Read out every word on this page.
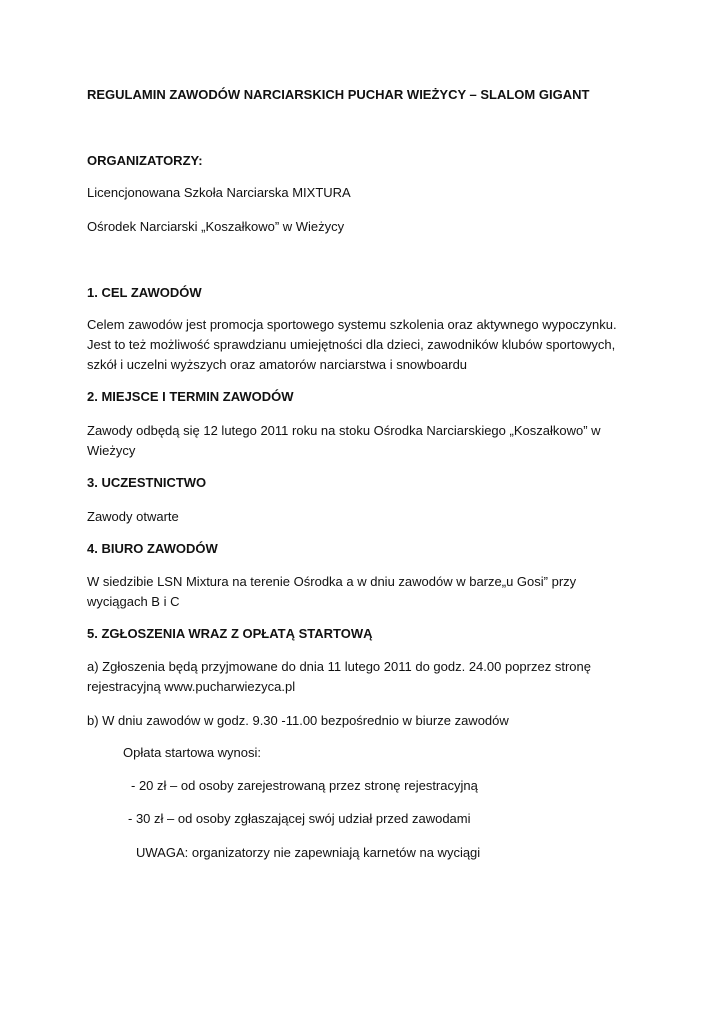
REGULAMIN ZAWODÓW NARCIARSKICH PUCHAR WIEŻYCY – SLALOM GIGANT
ORGANIZATORZY:
Licencjonowana Szkoła Narciarska MIXTURA
Ośrodek Narciarski „Koszałkowo” w Wieżycy
1. CEL ZAWODÓW
Celem zawodów jest promocja sportowego systemu szkolenia oraz aktywnego wypoczynku.
Jest to też możliwość sprawdzianu umiejętności dla dzieci, zawodników klubów sportowych,
szkół i uczelni wyższych oraz amatorów narciarstwa i snowboardu
2. MIEJSCE I TERMIN ZAWODÓW
Zawody odbędą się 12 lutego 2011 roku na stoku Ośrodka Narciarskiego „Koszałkowo” w
Wieżycy
3. UCZESTNICTWO
Zawody otwarte
4. BIURO ZAWODÓW
W siedzibie LSN Mixtura na terenie Ośrodka a w dniu zawodów w barze„u Gosi” przy
wyciągach B i C
5. ZGŁOSZENIA WRAZ Z OPŁATĄ STARTOWĄ
a) Zgłoszenia będą przyjmowane do dnia 11 lutego 2011 do godz. 24.00 poprzez stronę
rejestracyjną www.pucharwiezyca.pl
b) W dniu zawodów w godz. 9.30 -11.00 bezpośrednio w biurze zawodów
Opłata startowa wynosi:
- 20 zł – od osoby zarejestrowaną przez stronę rejestracyjną
- 30 zł – od osoby zgłaszającej swój udział przed zawodami
UWAGA: organizatorzy nie zapewniają karnetów na wyciągi
